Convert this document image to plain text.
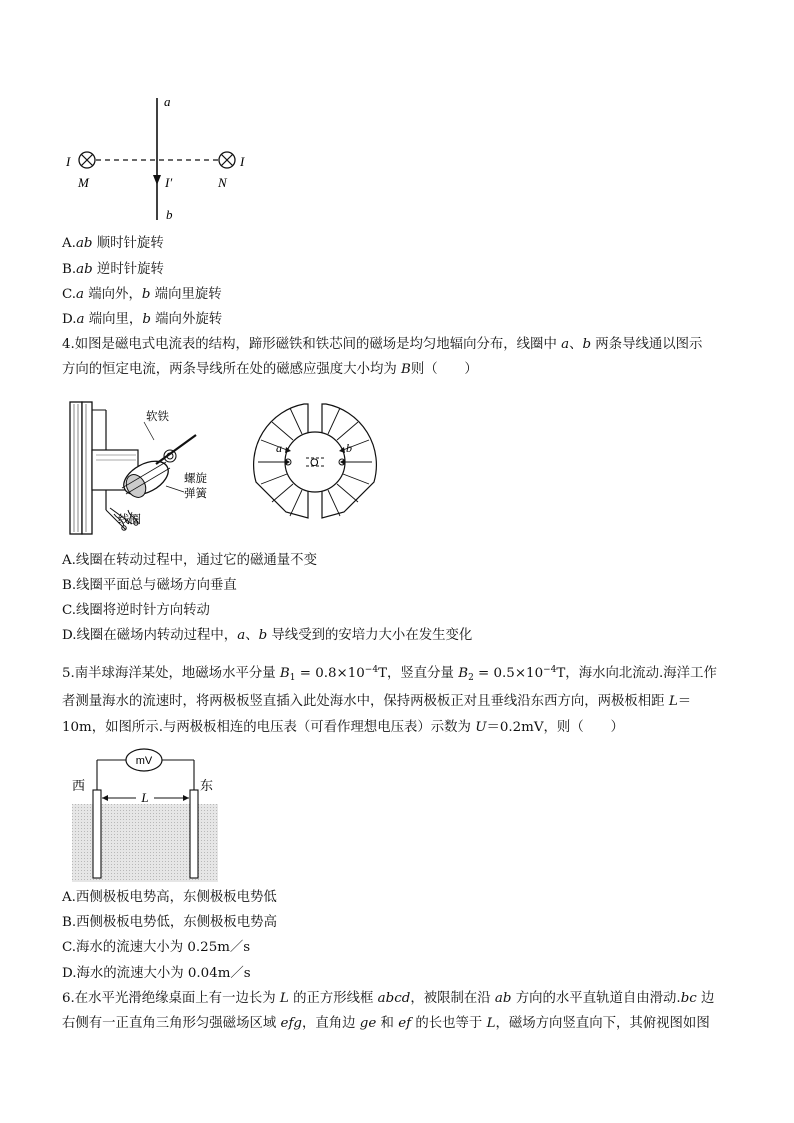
a
b
I	I
M	N
I′
A.ab 顺时针旋转
B.ab 逆时针旋转
C.a 端向外，b 端向里旋转
D.a 端向里，b 端向外旋转
4.如图是磁电式电流表的结构，蹄形磁铁和铁芯间的磁场是均匀地辐向分布，线圈中 a、b 两条导线通以图示
方向的恒定电流，两条导线所在处的磁感应强度大小均为 B则（　　）
软铁
螺旋
弹簧
线圈
O
a	b
A.线圈在转动过程中，通过它的磁通量不变
B.线圈平面总与磁场方向垂直
C.线圈将逆时针方向转动
D.线圈在磁场内转动过程中，a、b 导线受到的安培力大小在发生变化
5.南半球海洋某处，地磁场水平分量 $B_1 = 0.8\times 10^{-4}T$，竖直分量 $B_2 = 0.5\times 10^{-4}T$，海水向北流动.海洋工作
者测量海水的流速时，将两极板竖直插入此处海水中，保持两极板正对且垂线沿东西方向，两极板相距 L＝
10m，如图所示.与两极板相连的电压表（可看作理想电压表）示数为 U＝0.2mV，则（　　）
mV
L
西	东
A.西侧极板电势高，东侧极板电势低
B.西侧极板电势低，东侧极板电势高
C.海水的流速大小为 0.25m／s
D.海水的流速大小为 0.04m／s
6.在水平光滑绝缘桌面上有一边长为 L 的正方形线框 abcd，被限制在沿 ab 方向的水平直轨道自由滑动.bc 边
右侧有一正直角三角形匀强磁场区域 efg，直角边 ge 和 ef 的长也等于 L，磁场方向竖直向下，其俯视图如图
